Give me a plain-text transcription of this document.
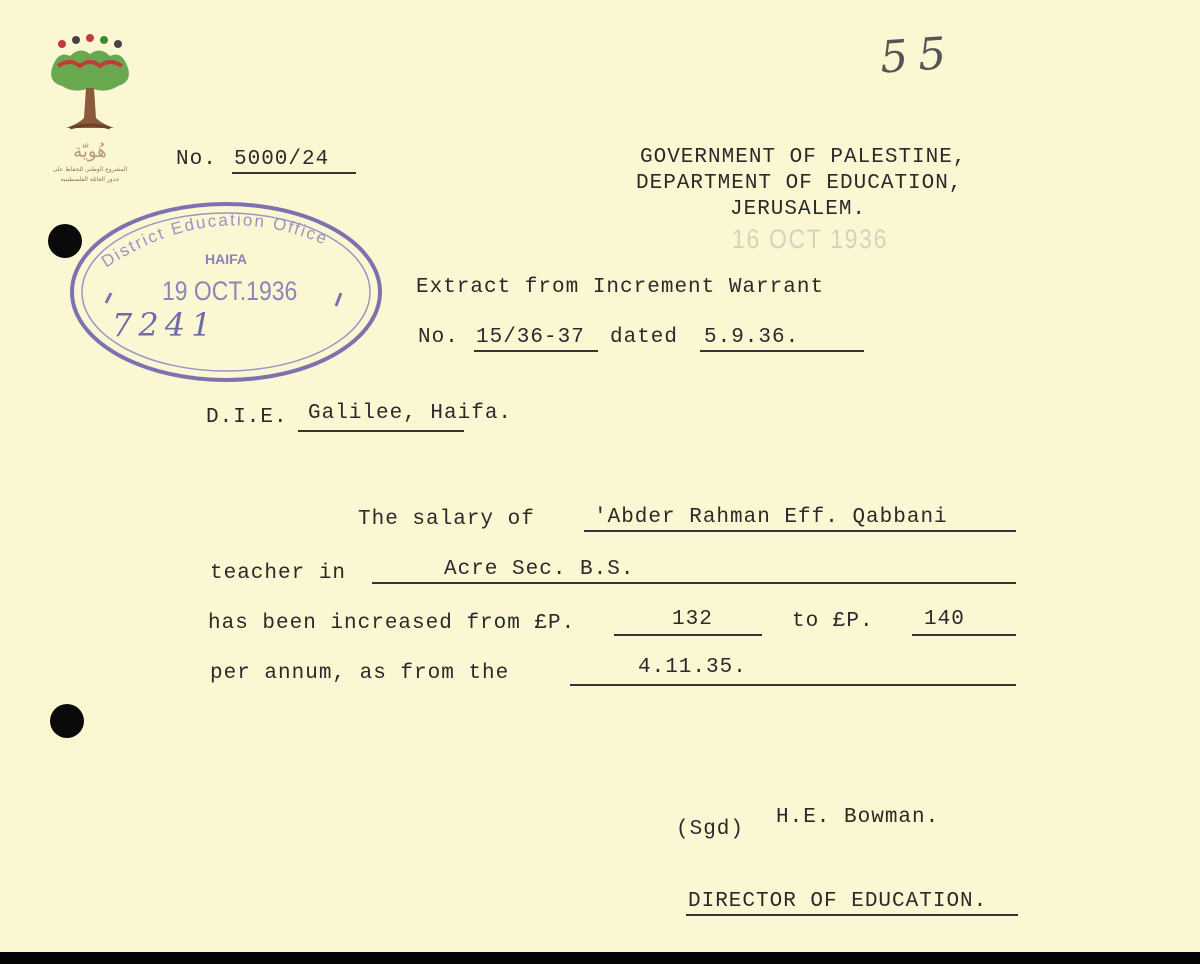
هُويّة
المشروع الوطني للحفاظ على
جذور العائلة الفلسطينية
55
No. 5000/24	GOVERNMENT OF PALESTINE,
DEPARTMENT OF EDUCATION,
JERUSALEM.
16 OCT 1936
District Education Office
HAIFA
19 OCT.1936
7241
Extract from Increment Warrant
No. 15/36-37 dated 5.9.36.
D.I.E. Galilee, Haifa.
The salary of	'Abder Rahman Eff. Qabbani
teacher in	Acre Sec. B.S.
has been increased from £P.	132	to £P. 140
per annum, as from the	4.11.35.
(Sgd)
H.E. Bowman.
DIRECTOR OF EDUCATION.
